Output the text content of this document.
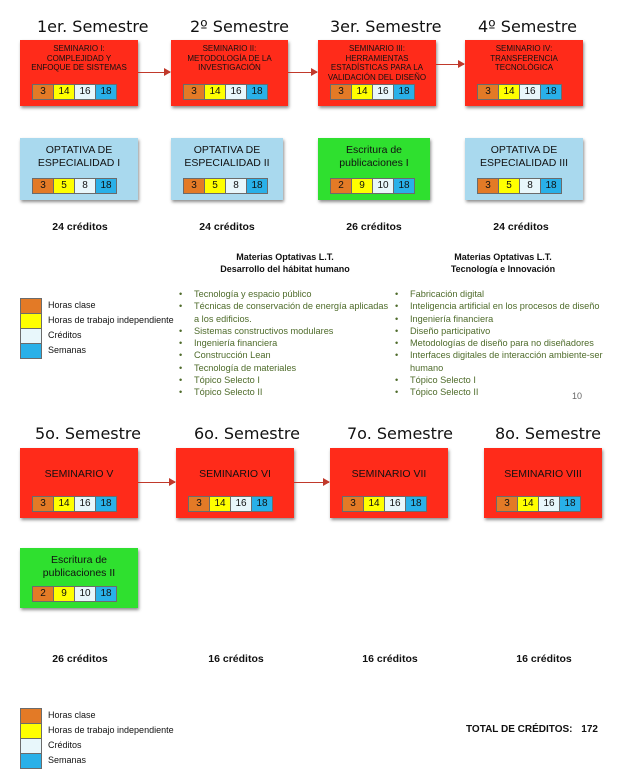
1er. Semestre	2º Semestre	3er. Semestre 4º Semestre
SEMINARIO I:
COMPLEJIDAD Y
ENFOQUE DE SISTEMAS
3	14 16 18
SEMINARIO II:
METODOLOGÍA DE LA
INVESTIGACIÓN
3	14 16 18
SEMINARIO III:
HERRAMIENTAS
ESTADÍSTICAS PARA LA
VALIDACIÓN DEL DISEÑO
3	14 16 18
SEMINARIO IV:
TRANSFERENCIA
TECNOLÓGICA
3	14 16 18
OPTATIVA DE
ESPECIALIDAD I
3	5	8	18
OPTATIVA DE
ESPECIALIDAD II
3	5	8	18
Escritura de
publicaciones I
2	9	10 18
OPTATIVA DE
ESPECIALIDAD III
3	5	8	18
SEMINARIO V
3	14 16 18
SEMINARIO VI
3	14 16 18
SEMINARIO VII
3	14 16 18
SEMINARIO VIII
3	14 16 18
Escritura de
publicaciones II
2	9	10 18
24 créditos	24 créditos	26 créditos	24 créditos
Materias Optativas L.T.
Desarrollo del hábitat humano
Materias Optativas L.T.
Tecnología e Innovación
• Tecnología y espacio público
• Técnicas de conservación de energía aplicadas a los edificios.
• Sistemas constructivos modulares
• Ingeniería financiera
• Construcción Lean
• Tecnología de materiales
• Tópico Selecto I
• Tópico Selecto II
• Fabricación digital
• Inteligencia artificial en los procesos de diseño
• Ingeniería financiera
• Diseño participativo
• Metodologías de diseño para no diseñadores
• Interfaces digitales de interacción ambiente-ser humano
• Tópico Selecto I
• Tópico Selecto II	10
Horas clase
Horas de trabajo independiente
Créditos
Semanas
5o. Semestre	6o. Semestre	7o. Semestre	8o. Semestre
26 créditos	16 créditos	16 créditos	16 créditos
Horas clase
Horas de trabajo independiente
Créditos
Semanas
TOTAL DE CRÉDITOS: 172
